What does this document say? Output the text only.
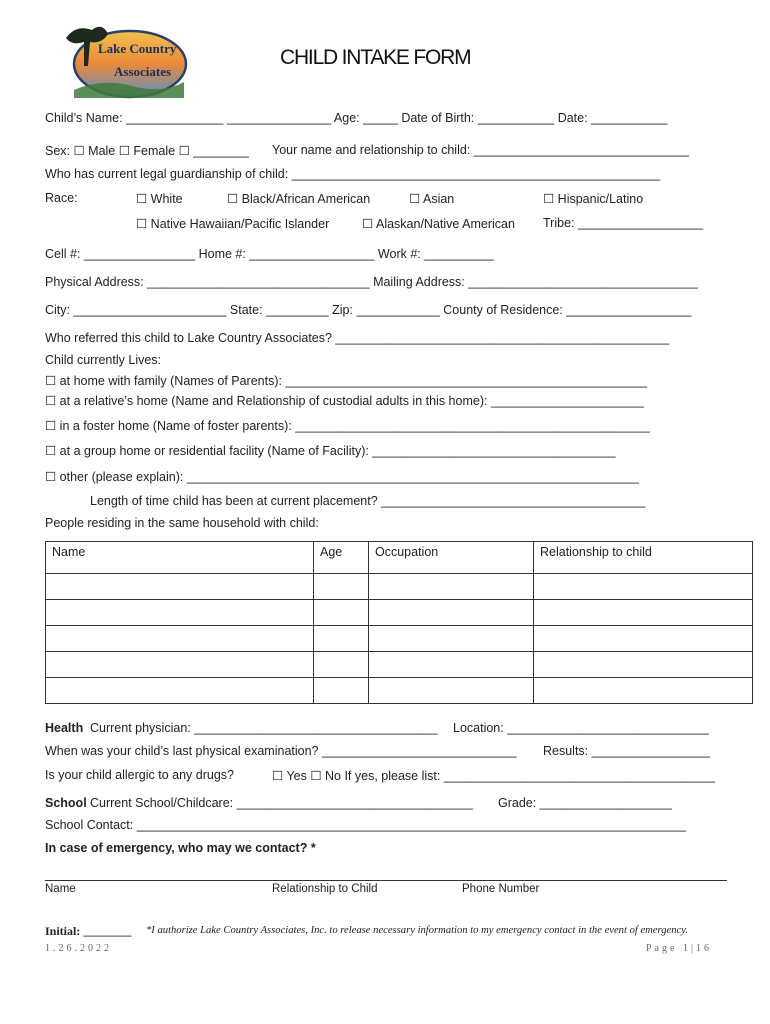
Lake Country
Associates
CHILD INTAKE FORM
Child’s Name: ______________ _______________ Age: _____ Date of Birth: ___________ Date: ___________
Sex: ☐ Male ☐ Female ☐ ________ Your name and relationship to child: _______________________________
Who has current legal guardianship of child: _____________________________________________________
Race:	☐ White	☐ Black/African American	☐ Asian	☐ Hispanic/Latino
☐ Native Hawaiian/Pacific Islander	☐ Alaskan/Native American Tribe: __________________
Cell #: ________________ Home #: __________________ Work #: __________
Physical Address: ________________________________ Mailing Address: _________________________________
City: ______________________ State: _________ Zip: ____________ County of Residence: __________________
Who referred this child to Lake Country Associates? ________________________________________________
Child currently Lives:
☐ at home with family (Names of Parents): ____________________________________________________
☐ at a relative’s home (Name and Relationship of custodial adults in this home): ______________________
☐ in a foster home (Name of foster parents): ___________________________________________________
☐ at a group home or residential facility (Name of Facility): ___________________________________
☐ other (please explain): _________________________________________________________________
Length of time child has been at current placement? ______________________________________
People residing in the same household with child:
Name	Age	Occupation	Relationship to child

Health Current physician: ___________________________________ Location: _____________________________
When was your child’s last physical examination? ____________________________ Results: _________________
Is your child allergic to any drugs?	☐ Yes ☐ No If yes, please list: _______________________________________
School Current School/Childcare: __________________________________ Grade: ___________________
School Contact: _______________________________________________________________________________
In case of emergency, who may we contact? *
Name	Relationship to Child	Phone Number
Initial: ________ *I authorize Lake Country Associates, Inc. to release necessary information to my emergency contact in the event of emergency.
1.26.2022	Page 1|16
